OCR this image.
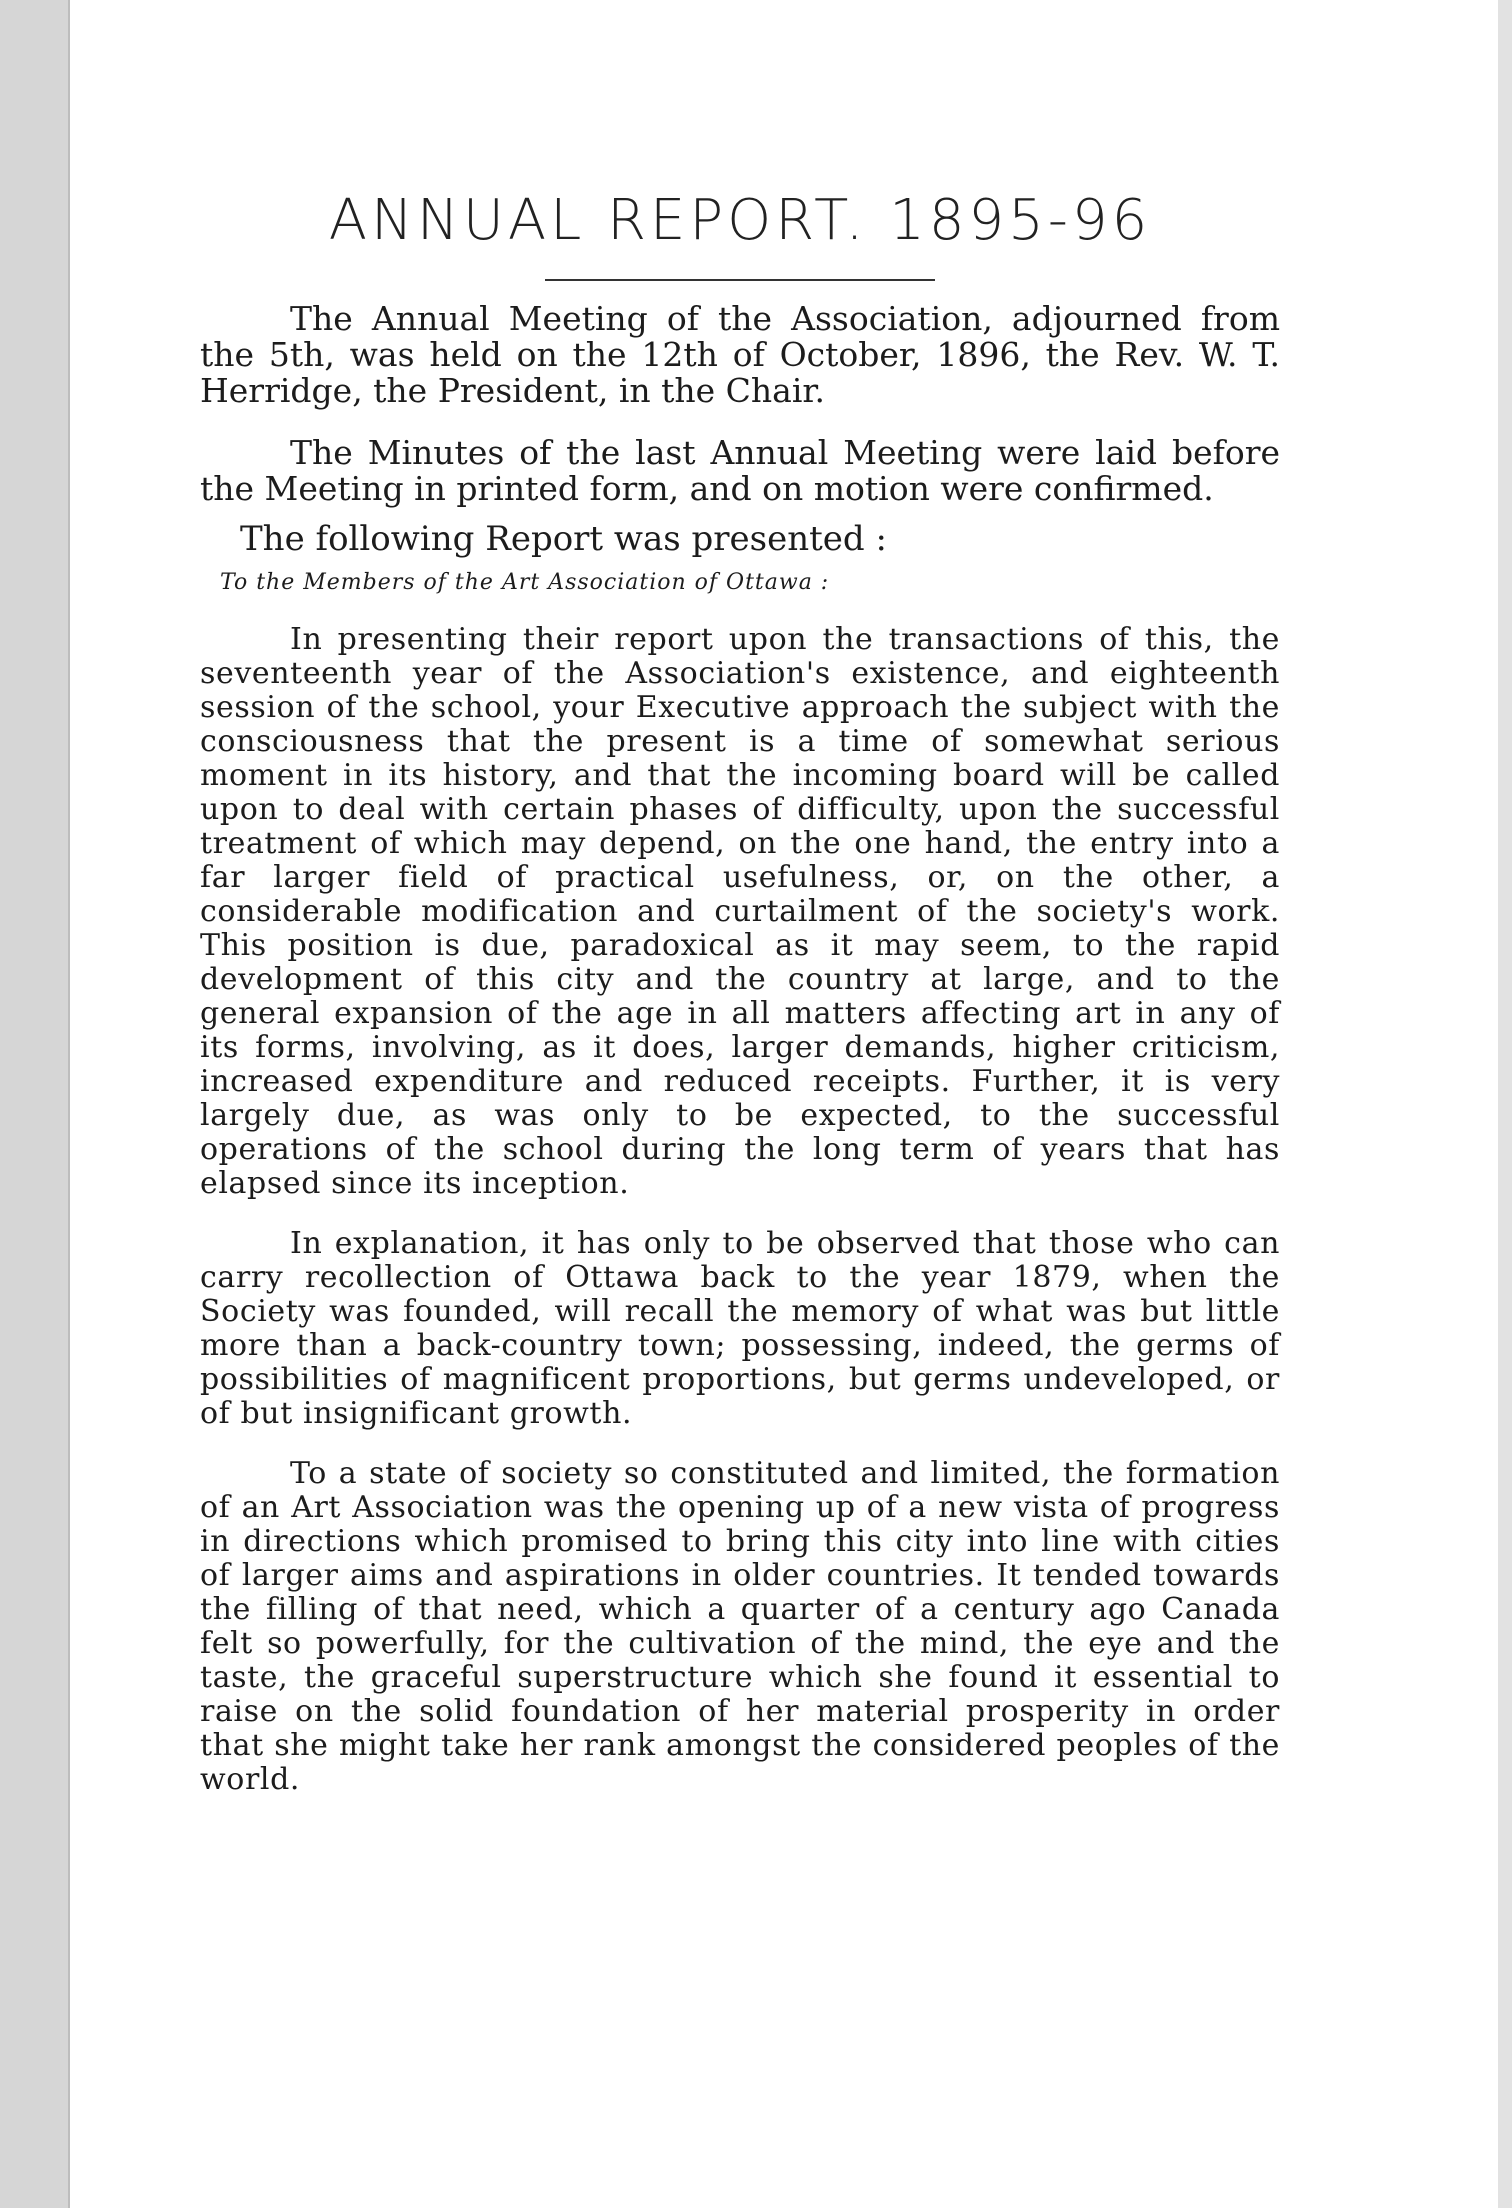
ANNUAL REPORT. 1895-96

The Annual Meeting of the Association, adjourned from the 5th, was held on the 12th of October, 1896, the Rev. W. T. Herridge, the President, in the Chair.

The Minutes of the last Annual Meeting were laid before the Meeting in printed form, and on motion were confirmed.

The following Report was presented :

To the Members of the Art Association of Ottawa :

In presenting their report upon the transactions of this, the seventeenth year of the Association's existence, and eighteenth session of the school, your Executive approach the subject with the consciousness that the present is a time of somewhat serious moment in its history, and that the incoming board will be called upon to deal with certain phases of difficulty, upon the successful treatment of which may depend, on the one hand, the entry into a far larger field of practical usefulness, or, on the other, a considerable modification and curtailment of the society's work. This position is due, paradoxical as it may seem, to the rapid development of this city and the country at large, and to the general expansion of the age in all matters affecting art in any of its forms, involving, as it does, larger demands, higher criticism, increased expenditure and reduced receipts. Further, it is very largely due, as was only to be expected, to the successful operations of the school during the long term of years that has elapsed since its inception.

In explanation, it has only to be observed that those who can carry recollection of Ottawa back to the year 1879, when the Society was founded, will recall the memory of what was but little more than a back-country town; possessing, indeed, the germs of possibilities of magnificent proportions, but germs undeveloped, or of but insignificant growth.

To a state of society so constituted and limited, the formation of an Art Association was the opening up of a new vista of progress in directions which promised to bring this city into line with cities of larger aims and aspirations in older countries. It tended towards the filling of that need, which a quarter of a century ago Canada felt so powerfully, for the cultivation of the mind, the eye and the taste, the graceful superstructure which she found it essential to raise on the solid foundation of her material prosperity in order that she might take her rank amongst the considered peoples of the world.
